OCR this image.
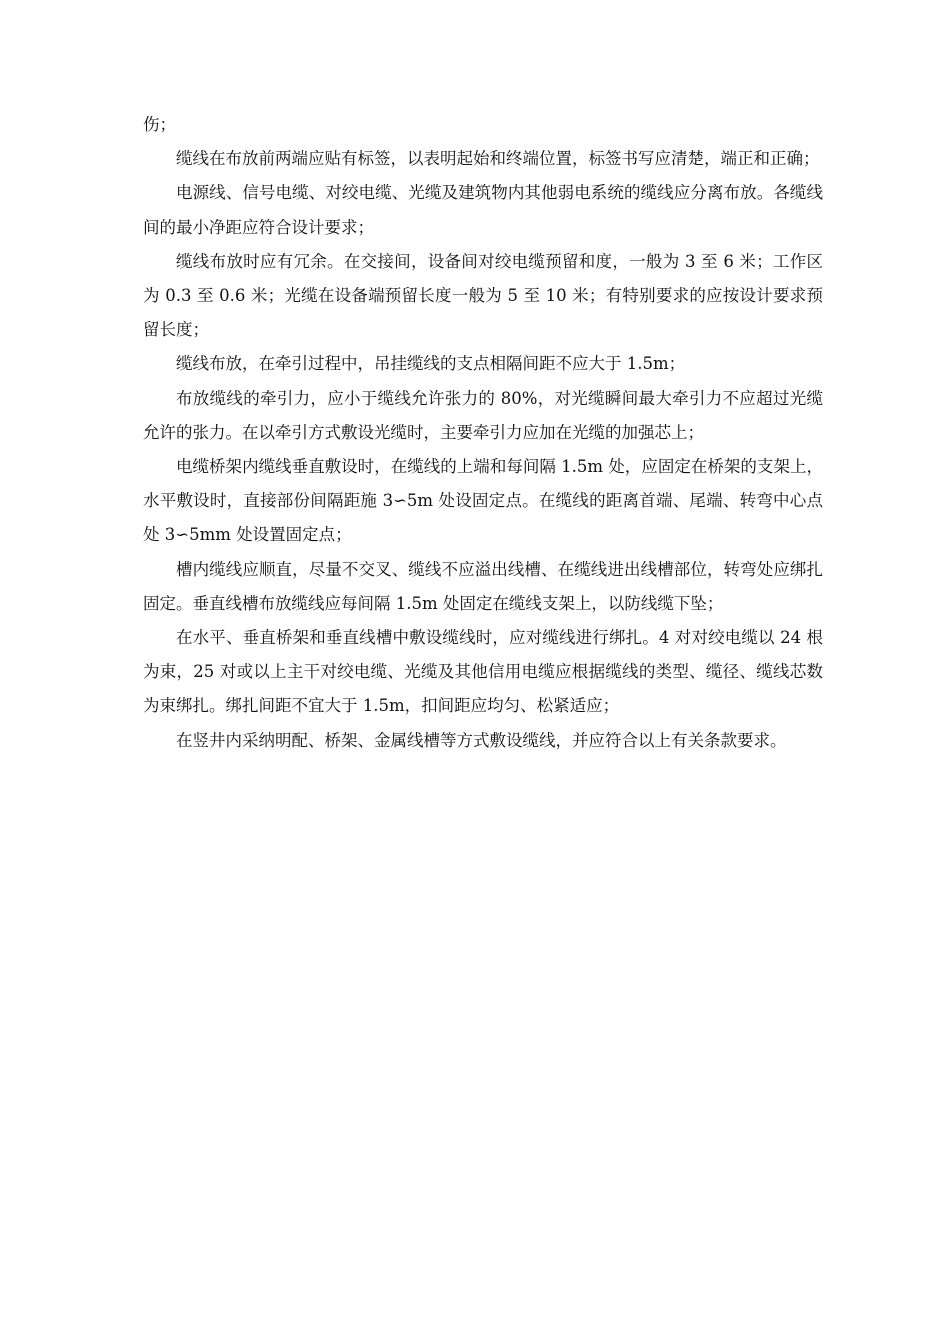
伤；

缆线在布放前两端应贴有标签，以表明起始和终端位置，标签书写应清楚，端正和正确；

电源线、信号电缆、对绞电缆、光缆及建筑物内其他弱电系统的缆线应分离布放。各缆线间的最小净距应符合设计要求；

缆线布放时应有冗余。在交接间，设备间对绞电缆预留和度，一般为 3 至 6 米；工作区为 0.3 至 0.6 米；光缆在设备端预留长度一般为 5 至 10 米；有特别要求的应按设计要求预留长度；

缆线布放，在牵引过程中，吊挂缆线的支点相隔间距不应大于 1.5m；

布放缆线的牵引力，应小于缆线允许张力的 80%，对光缆瞬间最大牵引力不应超过光缆允许的张力。在以牵引方式敷设光缆时，主要牵引力应加在光缆的加强芯上；

电缆桥架内缆线垂直敷设时，在缆线的上端和每间隔 1.5m 处，应固定在桥架的支架上，水平敷设时，直接部份间隔距施 3∽5m 处设固定点。在缆线的距离首端、尾端、转弯中心点处 3∽5mm 处设置固定点；

槽内缆线应顺直，尽量不交叉、缆线不应溢出线槽、在缆线进出线槽部位，转弯处应绑扎固定。垂直线槽布放缆线应每间隔 1.5m 处固定在缆线支架上，以防线缆下坠；

在水平、垂直桥架和垂直线槽中敷设缆线时，应对缆线进行绑扎。4 对对绞电缆以 24 根为束，25 对或以上主干对绞电缆、光缆及其他信用电缆应根据缆线的类型、缆径、缆线芯数为束绑扎。绑扎间距不宜大于 1.5m，扣间距应均匀、松紧适应；

在竖井内采纳明配、桥架、金属线槽等方式敷设缆线，并应符合以上有关条款要求。
